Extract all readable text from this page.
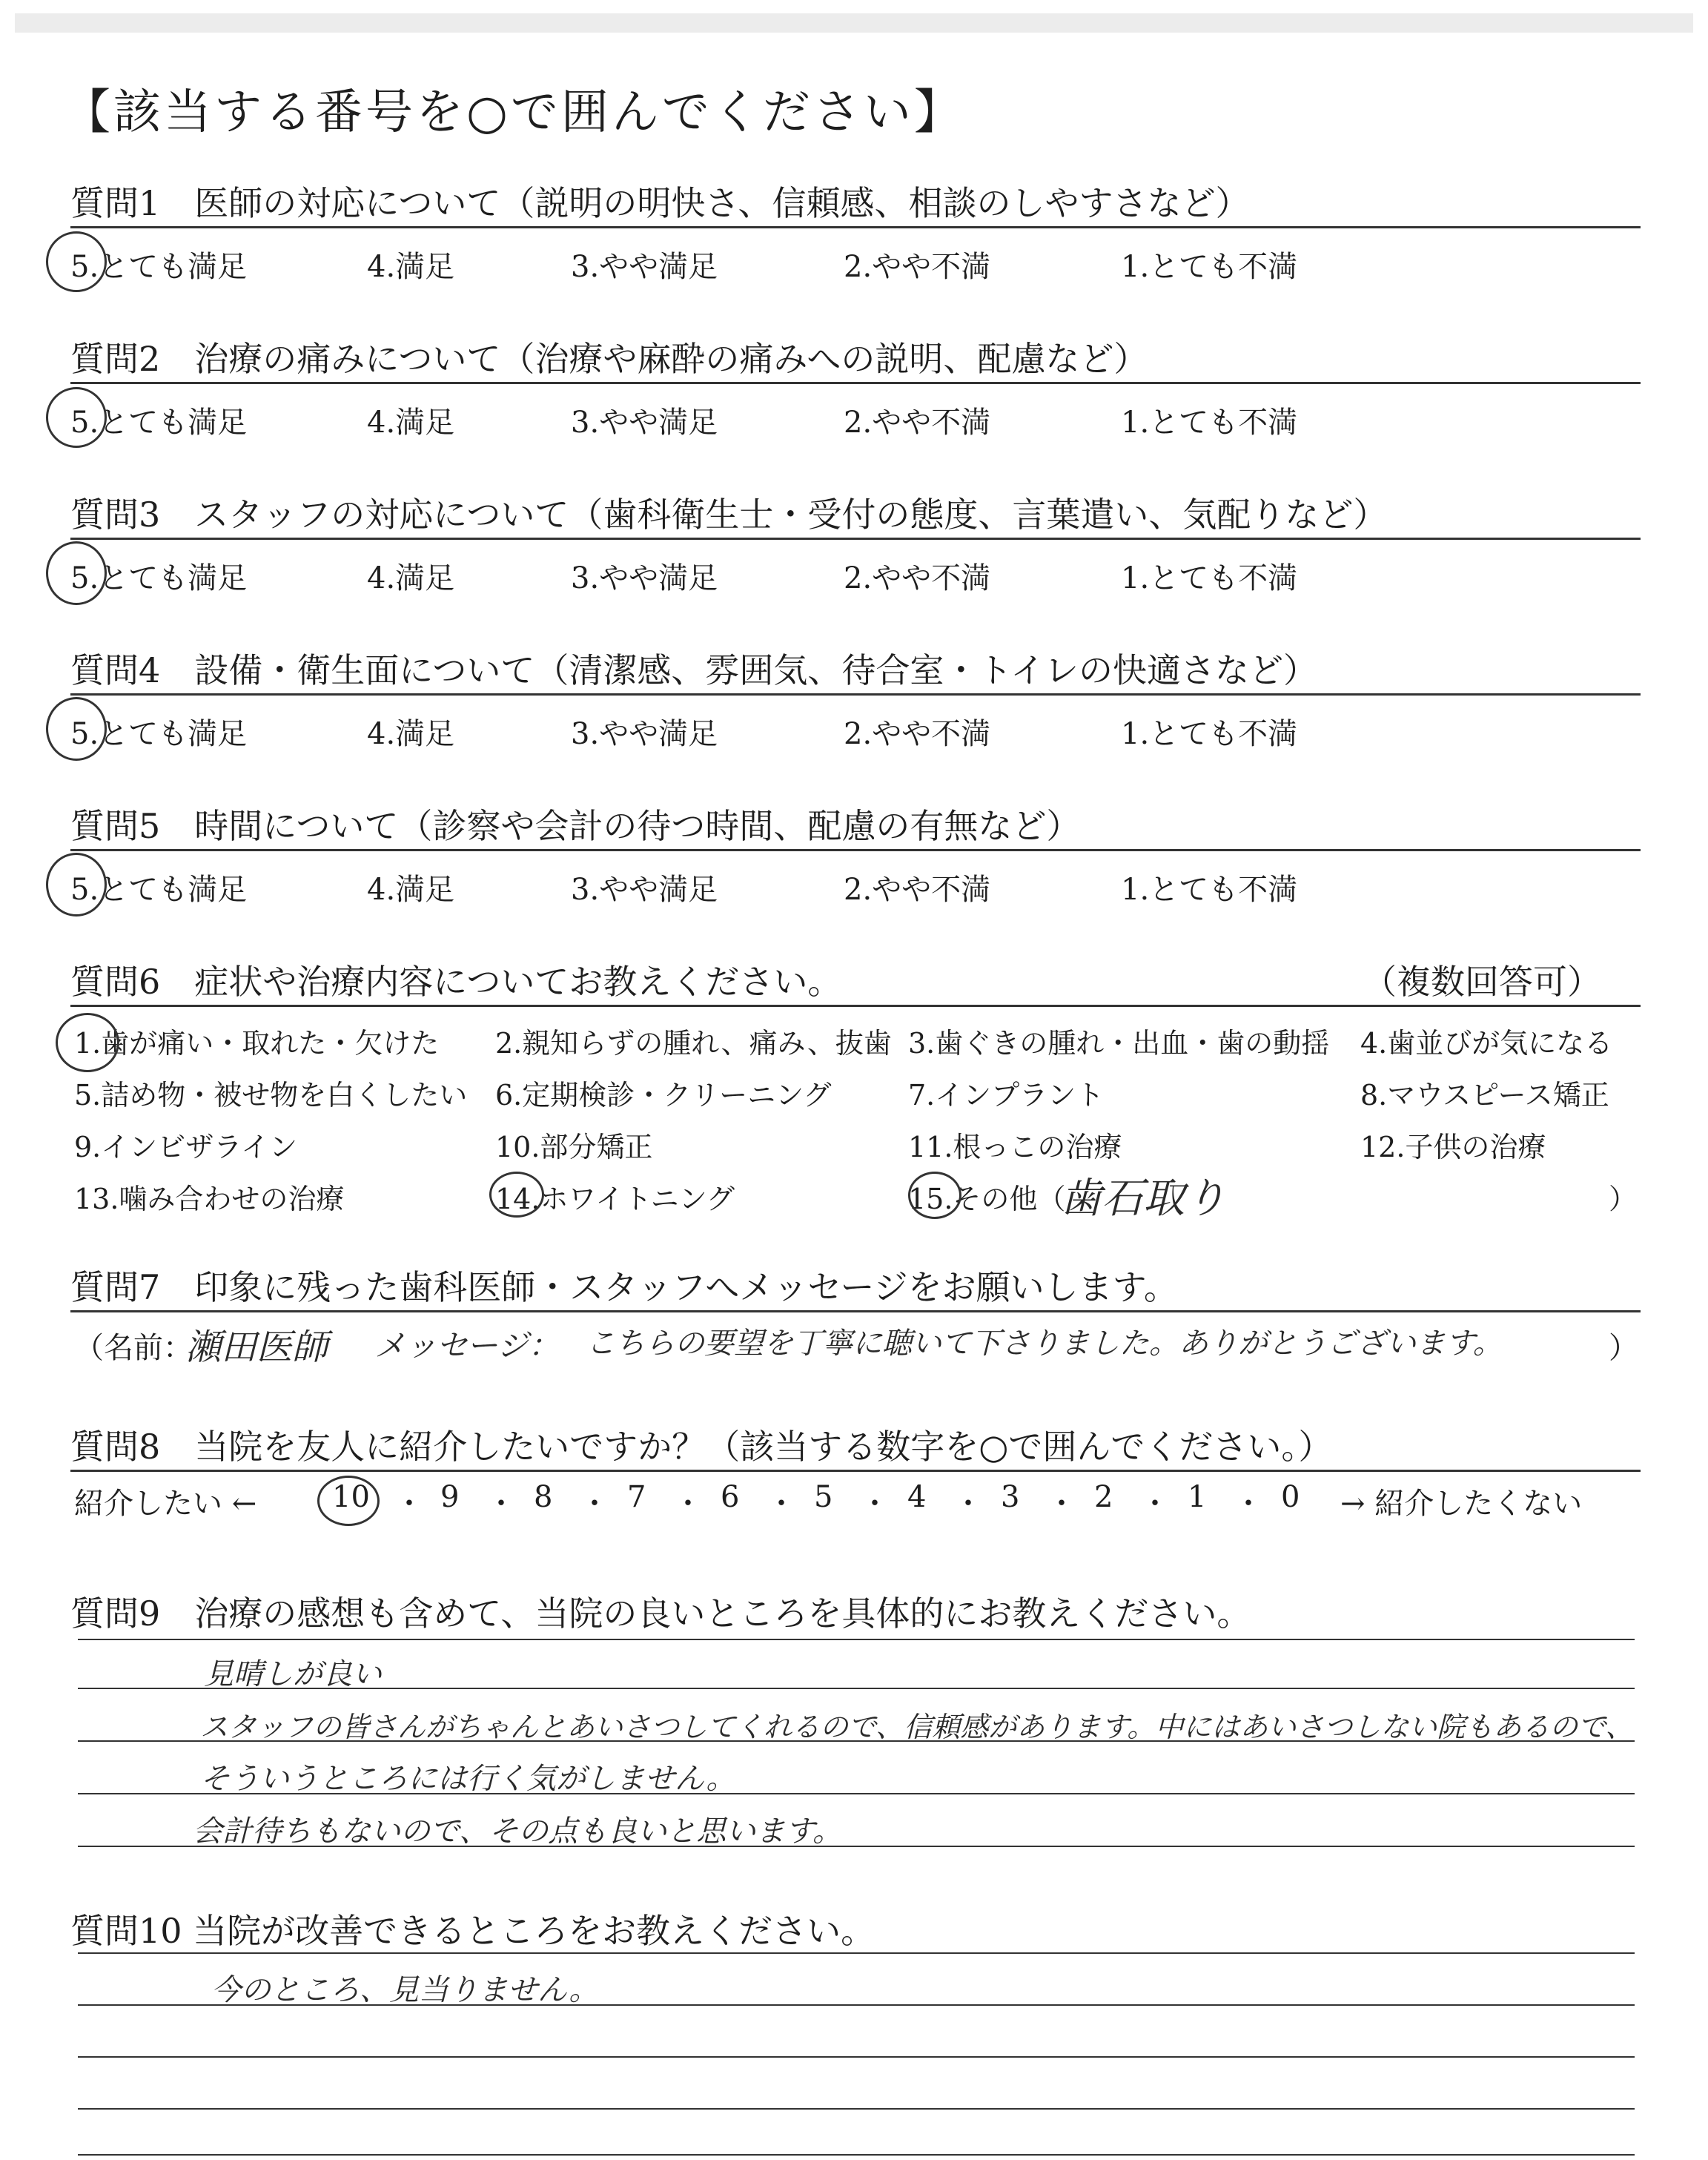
【該当する番号を○で囲んでください】
質問1　医師の対応について（説明の明快さ、信頼感、相談のしやすさなど）
5.とても満足	4.満足	3.やや満足	2.やや不満	1.とても不満
質問2　治療の痛みについて（治療や麻酔の痛みへの説明、配慮など）
5.とても満足	4.満足	3.やや満足	2.やや不満	1.とても不満
質問3　スタッフの対応について（歯科衛生士・受付の態度、言葉遣い、気配りなど）
5.とても満足	4.満足	3.やや満足	2.やや不満	1.とても不満
質問4　設備・衛生面について（清潔感、雰囲気、待合室・トイレの快適さなど）
5.とても満足	4.満足	3.やや満足	2.やや不満	1.とても不満
質問5　時間について（診察や会計の待つ時間、配慮の有無など）
5.とても満足	4.満足	3.やや満足	2.やや不満	1.とても不満
質問6　症状や治療内容についてお教えください。	（複数回答可）
1.歯が痛い・取れた・欠けた 2.親知らずの腫れ、痛み、抜歯 3.歯ぐきの腫れ・出血・歯の動揺 4.歯並びが気になる
5.詰め物・被せ物を白くしたい 6.定期検診・クリーニング	7.インプラント	8.マウスピース矯正
9.インビザライン	10.部分矯正	11.根っこの治療	12.子供の治療
13.噛み合わせの治療	14.ホワイトニング	15.その他（
歯石取り	）
質問7　印象に残った歯科医師・スタッフへメッセージをお願いします。
（名前：
瀬田医師 メッセージ： こちらの要望を丁寧に聴いて下さりました。ありがとうございます。	）
質問8　当院を友人に紹介したいですか？（該当する数字を○で囲んでください。）
紹介したい ←	10 ・ 9 ・ 8 ・ 7 ・ 6 ・ 5 ・ 4 ・ 3 ・ 2 ・ 1 ・ 0 → 紹介したくない
質問9　治療の感想も含めて、当院の良いところを具体的にお教えください。
見晴しが良い
スタッフの皆さんがちゃんとあいさつしてくれるので、信頼感があります。中にはあいさつしない院もあるので、
そういうところには行く気がしません。
会計待ちもないので、その点も良いと思います。
質問10 当院が改善できるところをお教えください。
今のところ、見当りません。
